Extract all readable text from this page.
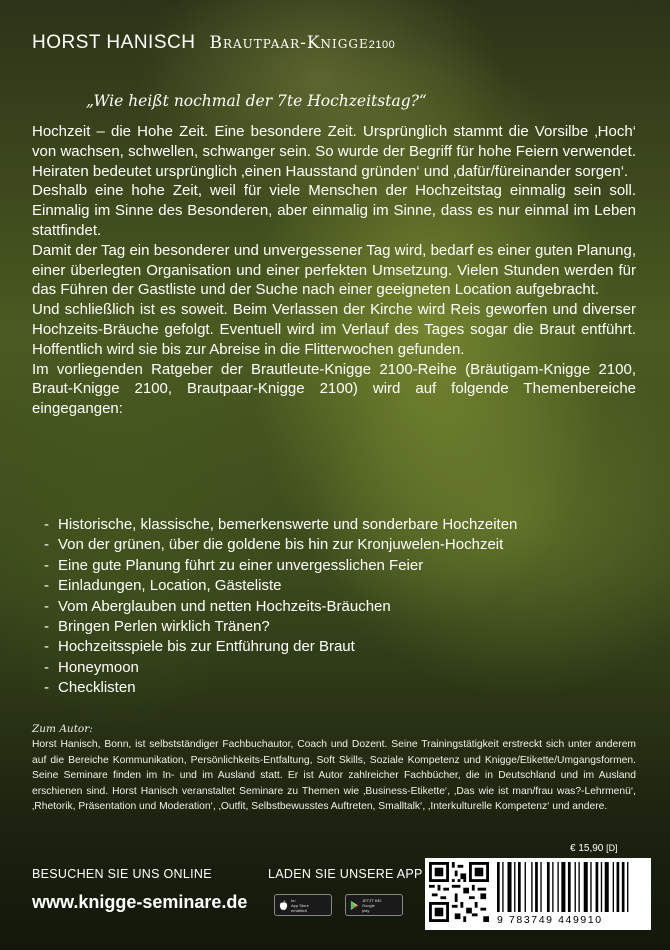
HORST HANISCH Brautpaar-Knigge2100
„Wie heißt nochmal der 7te Hochzeitstag?“

Hochzeit – die Hohe Zeit. Eine besondere Zeit. Ursprünglich stammt die Vorsilbe ‚Hoch‘ von wachsen, schwellen, schwanger sein. So wurde der Begriff für hohe Feiern verwendet. Heiraten bedeutet ursprünglich ‚einen Hausstand gründen‘ und ‚dafür/füreinander sorgen‘.

Deshalb eine hohe Zeit, weil für viele Menschen der Hochzeitstag einmalig sein soll. Einmalig im Sinne des Besonderen, aber einmalig im Sinne, dass es nur einmal im Leben stattfindet.

Damit der Tag ein besonderer und unvergessener Tag wird, bedarf es einer guten Planung, einer überlegten Organisation und einer perfekten Umsetzung. Vielen Stunden werden für das Führen der Gastliste und der Suche nach einer geeigneten Location aufgebracht.

Und schließlich ist es soweit. Beim Verlassen der Kirche wird Reis geworfen und diverser Hochzeits-Bräuche gefolgt. Eventuell wird im Verlauf des Tages sogar die Braut entführt. Hoffentlich wird sie bis zur Abreise in die Flitterwochen gefunden.

Im vorliegenden Ratgeber der Brautleute-Knigge 2100-Reihe (Bräutigam-Knigge 2100, Braut-Knigge 2100, Brautpaar-Knigge 2100) wird auf folgende Themenbereiche eingegangen:

- Historische, klassische, bemerkenswerte und sonderbare Hochzeiten
- Von der grünen, über die goldene bis hin zur Kronjuwelen-Hochzeit
- Eine gute Planung führt zu einer unvergesslichen Feier
- Einladungen, Location, Gästeliste
- Vom Aberglauben und netten Hochzeits-Bräuchen
- Bringen Perlen wirklich Tränen?
- Hochzeitsspiele bis zur Entführung der Braut
- Honeymoon
- Checklisten
Zum Autor:
Horst Hanisch, Bonn, ist selbstständiger Fachbuchautor, Coach und Dozent. Seine Trainingstätigkeit erstreckt sich unter anderem auf die Bereiche Kommunikation, Persönlichkeits-Entfaltung, Soft Skills, Soziale Kompetenz und Knigge/Etikette/Umgangsformen. Seine Seminare finden im In- und im Ausland statt. Er ist Autor zahlreicher Fachbücher, die in Deutschland und im Ausland erschienen sind. Horst Hanisch veranstaltet Seminare zu Themen wie ‚Business-Etikette‘, ‚Das wie ist man/frau was?-Lehrmenü‘, ‚Rhetorik, Präsentation und Moderation‘, ‚Outfit, Selbstbewusstes Auftreten, Smalltalk‘, ‚Interkulturelle Kompetenz‘ und andere.
BESUCHEN SIE UNS ONLINE
www.knigge-seminare.de
LADEN SIE UNSERE APP
Im
App Store
erhältlich
JETZT BEI
Google
play
€ 15,90 [D]
9 783749 449910
